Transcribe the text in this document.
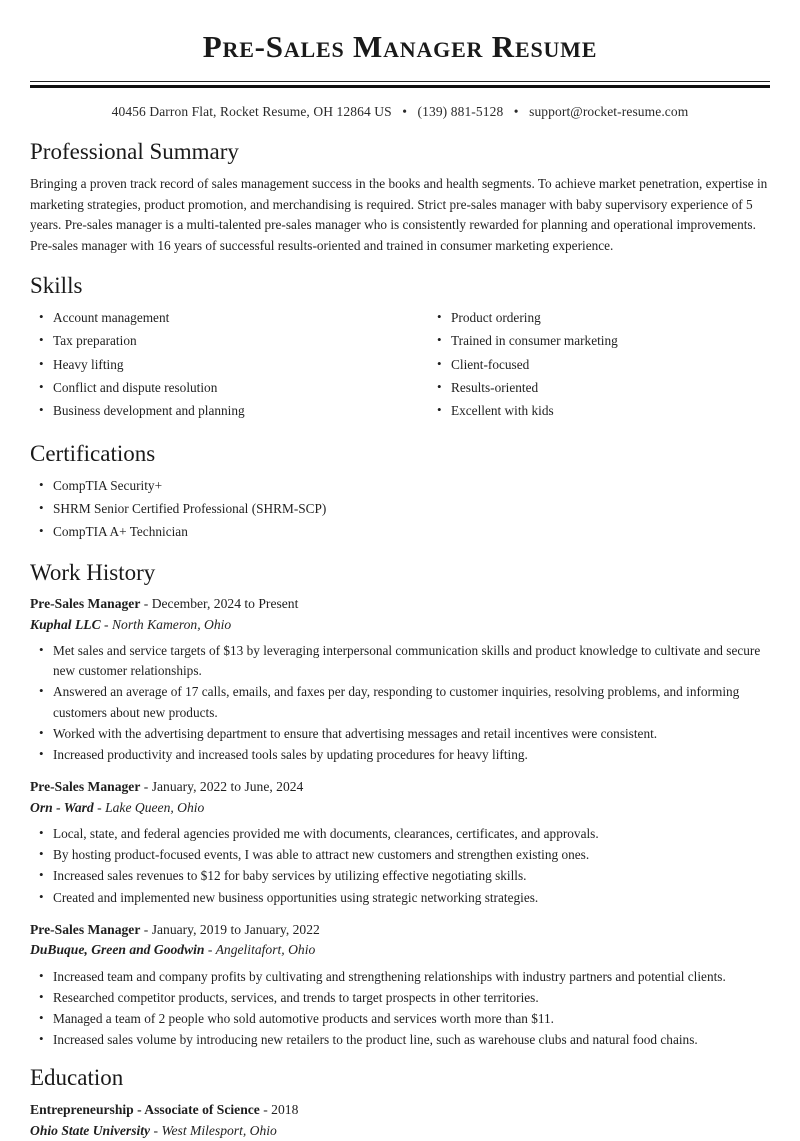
Pre-Sales Manager Resume
40456 Darron Flat, Rocket Resume, OH 12864 US • (139) 881-5128 • support@rocket-resume.com
Professional Summary

Bringing a proven track record of sales management success in the books and health segments. To achieve market penetration, expertise in marketing strategies, product promotion, and merchandising is required. Strict pre-sales manager with baby supervisory experience of 5 years. Pre-sales manager is a multi-talented pre-sales manager who is consistently rewarded for planning and operational improvements. Pre-sales manager with 16 years of successful results-oriented and trained in consumer marketing experience.

Skills
• Account management
• Tax preparation
• Heavy lifting
• Conflict and dispute resolution
• Business development and planning
• Product ordering
• Trained in consumer marketing
• Client-focused
• Results-oriented
• Excellent with kids
Certifications
• CompTIA Security+
• SHRM Senior Certified Professional (SHRM-SCP)
• CompTIA A+ Technician
Work History
Pre-Sales Manager - December, 2024 to Present
Kuphal LLC - North Kameron, Ohio
• Met sales and service targets of $13 by leveraging interpersonal communication skills and product knowledge to cultivate and secure new customer relationships.
• Answered an average of 17 calls, emails, and faxes per day, responding to customer inquiries, resolving problems, and informing customers about new products.
• Worked with the advertising department to ensure that advertising messages and retail incentives were consistent.
• Increased productivity and increased tools sales by updating procedures for heavy lifting.
Pre-Sales Manager - January, 2022 to June, 2024
Orn - Ward - Lake Queen, Ohio
• Local, state, and federal agencies provided me with documents, clearances, certificates, and approvals.
• By hosting product-focused events, I was able to attract new customers and strengthen existing ones.
• Increased sales revenues to $12 for baby services by utilizing effective negotiating skills.
• Created and implemented new business opportunities using strategic networking strategies.
Pre-Sales Manager - January, 2019 to January, 2022
DuBuque, Green and Goodwin - Angelitafort, Ohio
• Increased team and company profits by cultivating and strengthening relationships with industry partners and potential clients.
• Researched competitor products, services, and trends to target prospects in other territories.
• Managed a team of 2 people who sold automotive products and services worth more than $11.
• Increased sales volume by introducing new retailers to the product line, such as warehouse clubs and natural food chains.
Education
Entrepreneurship - Associate of Science - 2018
Ohio State University - West Milesport, Ohio
